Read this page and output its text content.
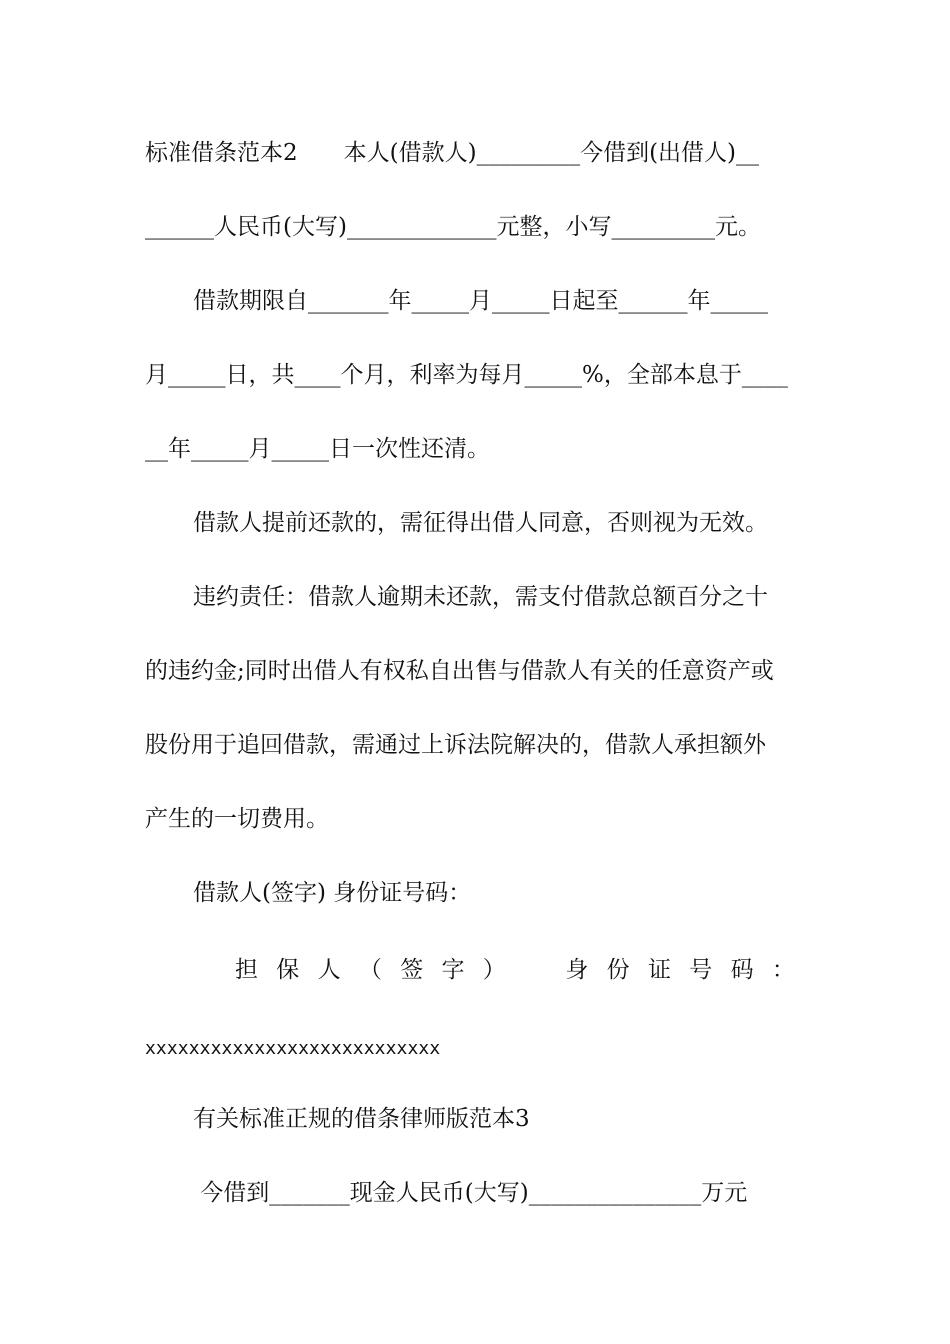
标准借条范本2　　本人(借款人)_________今借到(出借人)__
______人民币(大写)_____________元整，小写_________元。
借款期限自_______年_____月_____日起至______年_____
月_____日，共____个月，利率为每月_____%，全部本息于____
__年_____月_____日一次性还清。
借款人提前还款的，需征得出借人同意，否则视为无效。
违约责任：借款人逾期未还款，需支付借款总额百分之十
的违约金;同时出借人有权私自出售与借款人有关的任意资产或
股份用于追回借款，需通过上诉法院解决的，借款人承担额外
产生的一切费用。
借款人(签字) 身份证号码：
担 保 人 （ 签 字 ）
　	身 份 证 号 码 ：
xxxxxxxxxxxxxxxxxxxxxxxxxxx
有关标准正规的借条律师版范本3
今借到_______现金人民币(大写)_______________万元
